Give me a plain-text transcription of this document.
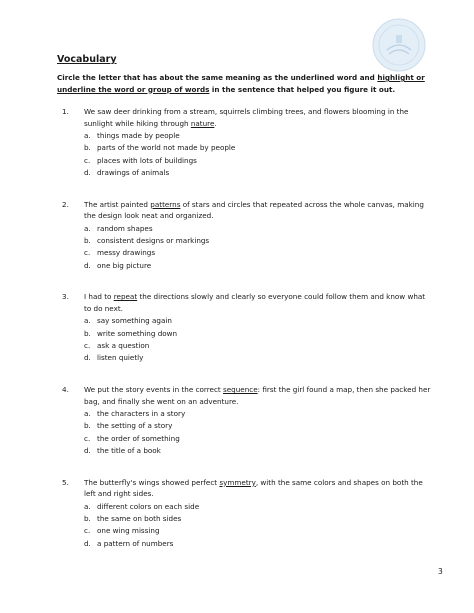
Vocabulary

Circle the letter that has about the same meaning as the underlined word and highlight or underline the word or group of words in the sentence that helped you figure it out.

1. We saw deer drinking from a stream, squirrels climbing trees, and flowers blooming in the sunlight while hiking through nature.
a. things made by people
b. parts of the world not made by people
c. places with lots of buildings
d. drawings of animals
2. The artist painted patterns of stars and circles that repeated across the whole canvas, making the design look neat and organized.
a. random shapes
b. consistent designs or markings
c. messy drawings
d. one big picture
3. I had to repeat the directions slowly and clearly so everyone could follow them and know what to do next.
a. say something again
b. write something down
c. ask a question
d. listen quietly
4. We put the story events in the correct sequence: first the girl found a map, then she packed her bag, and finally she went on an adventure.
a. the characters in a story
b. the setting of a story
c. the order of something
d. the title of a book
5. The butterfly's wings showed perfect symmetry, with the same colors and shapes on both the left and right sides.
a. different colors on each side
b. the same on both sides
c. one wing missing
d. a pattern of numbers
3
